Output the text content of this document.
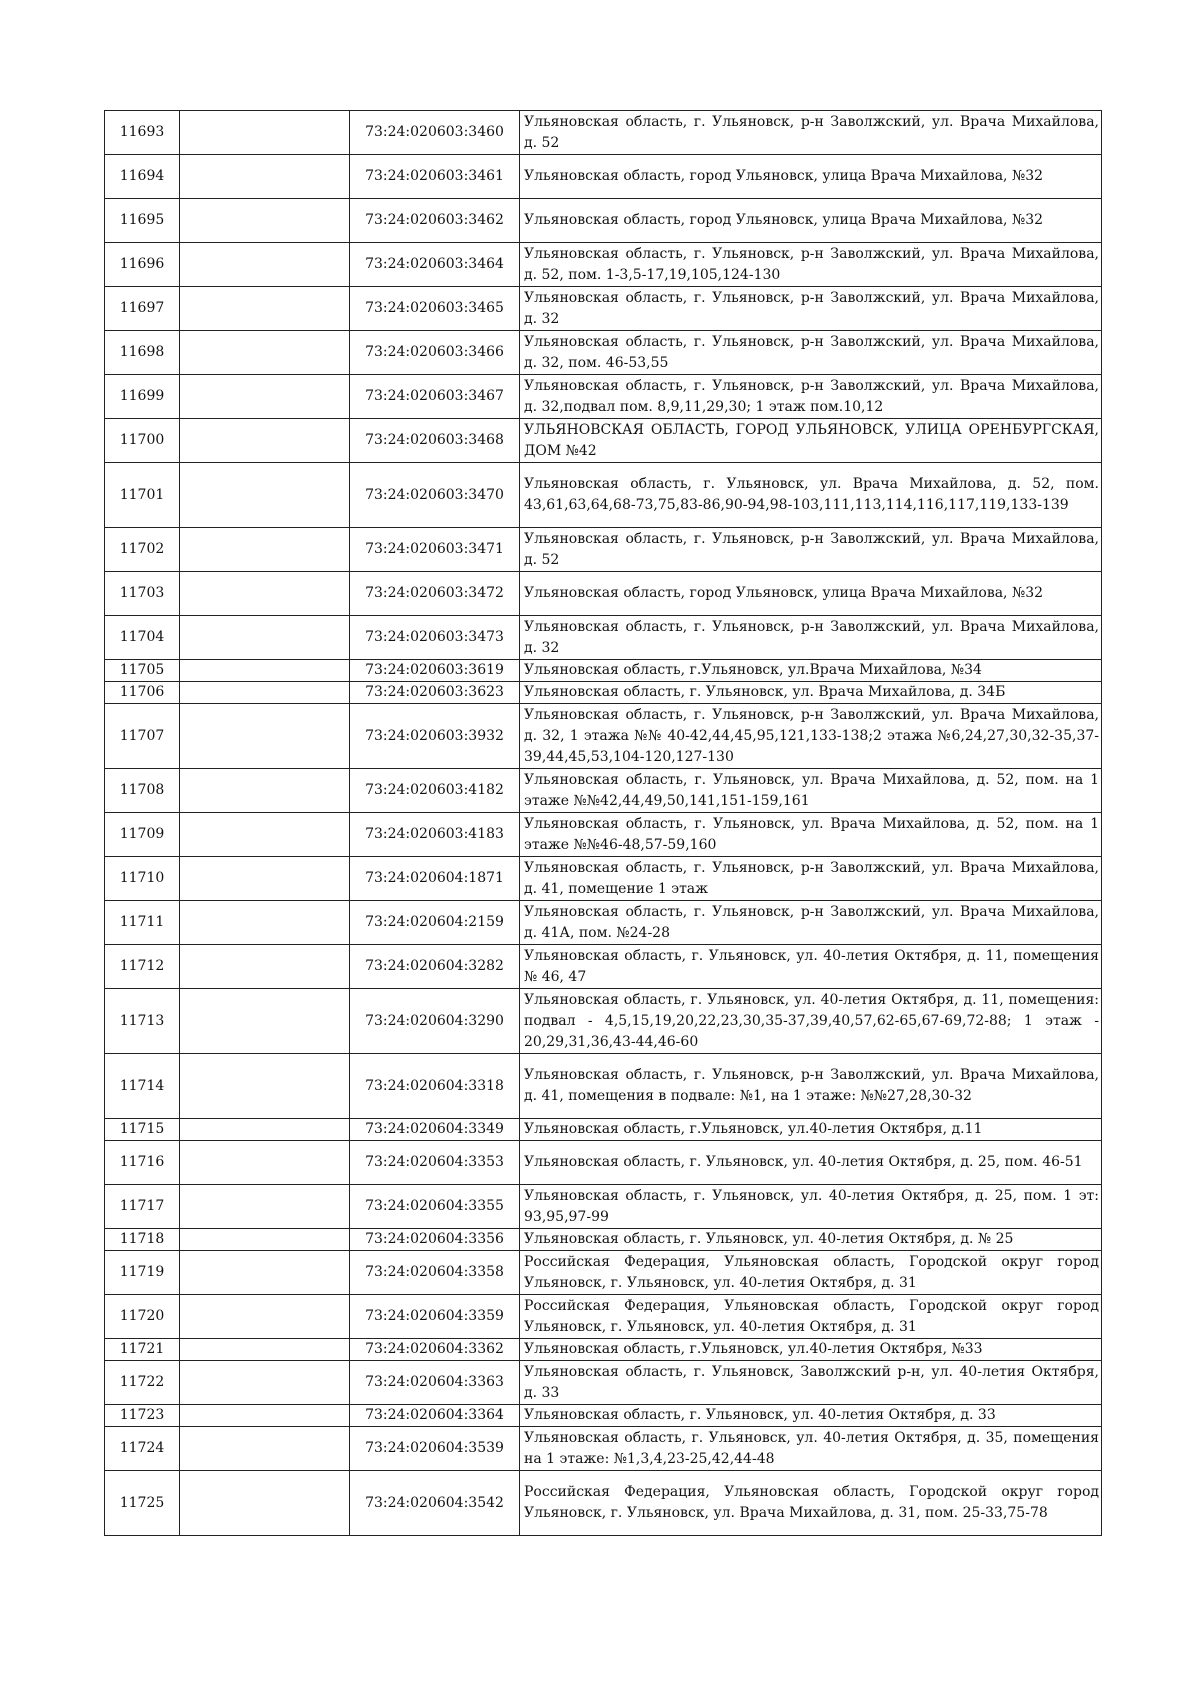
11693		73:24:020603:3460	Ульяновская область, г. Ульяновск, р-н Заволжский, ул. Врача Михайлова, д. 52
11694		73:24:020603:3461	Ульяновская область, город Ульяновск, улица Врача Михайлова, №32
11695		73:24:020603:3462	Ульяновская область, город Ульяновск, улица Врача Михайлова, №32
11696		73:24:020603:3464	Ульяновская область, г. Ульяновск, р-н Заволжский, ул. Врача Михайлова, д. 52, пом. 1-3,5-17,19,105,124-130
11697		73:24:020603:3465	Ульяновская область, г. Ульяновск, р-н Заволжский, ул. Врача Михайлова, д. 32
11698		73:24:020603:3466	Ульяновская область, г. Ульяновск, р-н Заволжский, ул. Врача Михайлова, д. 32, пом. 46-53,55
11699		73:24:020603:3467	Ульяновская область, г. Ульяновск, р-н Заволжский, ул. Врача Михайлова, д. 32,подвал пом. 8,9,11,29,30; 1 этаж пом.10,12
11700		73:24:020603:3468	УЛЬЯНОВСКАЯ ОБЛАСТЬ, ГОРОД УЛЬЯНОВСК, УЛИЦА ОРЕНБУРГСКАЯ, ДОМ №42
11701		73:24:020603:3470	Ульяновская область, г. Ульяновск, ул. Врача Михайлова, д. 52, пом. 43,61,63,64,68-73,75,83-86,90-94,98-103,111,113,114,116,117,119,133-139
11702		73:24:020603:3471	Ульяновская область, г. Ульяновск, р-н Заволжский, ул. Врача Михайлова, д. 52
11703		73:24:020603:3472	Ульяновская область, город Ульяновск, улица Врача Михайлова, №32
11704		73:24:020603:3473	Ульяновская область, г. Ульяновск, р-н Заволжский, ул. Врача Михайлова, д. 32
11705		73:24:020603:3619	Ульяновская область, г.Ульяновск, ул.Врача Михайлова, №34
11706		73:24:020603:3623	Ульяновская область, г. Ульяновск, ул. Врача Михайлова, д. 34Б
11707		73:24:020603:3932	Ульяновская область, г. Ульяновск, р-н Заволжский, ул. Врача Михайлова, д. 32, 1 этажа №№ 40-42,44,45,95,121,133-138;2 этажа №6,24,27,30,32-35,37-39,44,45,53,104-120,127-130
11708		73:24:020603:4182	Ульяновская область, г. Ульяновск, ул. Врача Михайлова, д. 52, пом. на 1 этаже №№42,44,49,50,141,151-159,161
11709		73:24:020603:4183	Ульяновская область, г. Ульяновск, ул. Врача Михайлова, д. 52, пом. на 1 этаже №№46-48,57-59,160
11710		73:24:020604:1871	Ульяновская область, г. Ульяновск, р-н Заволжский, ул. Врача Михайлова, д. 41, помещение 1 этаж
11711		73:24:020604:2159	Ульяновская область, г. Ульяновск, р-н Заволжский, ул. Врача Михайлова, д. 41А, пом. №24-28
11712		73:24:020604:3282	Ульяновская область, г. Ульяновск, ул. 40-летия Октября, д. 11, помещения № 46, 47
11713		73:24:020604:3290	Ульяновская область, г. Ульяновск, ул. 40-летия Октября, д. 11, помещения: подвал - 4,5,15,19,20,22,23,30,35-37,39,40,57,62-65,67-69,72-88; 1 этаж - 20,29,31,36,43-44,46-60
11714		73:24:020604:3318	Ульяновская область, г. Ульяновск, р-н Заволжский, ул. Врача Михайлова, д. 41, помещения в подвале: №1, на 1 этаже: №№27,28,30-32
11715		73:24:020604:3349	Ульяновская область, г.Ульяновск, ул.40-летия Октября, д.11
11716		73:24:020604:3353	Ульяновская область, г. Ульяновск, ул. 40-летия Октября, д. 25, пом. 46-51
11717		73:24:020604:3355	Ульяновская область, г. Ульяновск, ул. 40-летия Октября, д. 25, пом. 1 эт: 93,95,97-99
11718		73:24:020604:3356	Ульяновская область, г. Ульяновск, ул. 40-летия Октября, д. № 25
11719		73:24:020604:3358	Российская Федерация, Ульяновская область, Городской округ город Ульяновск, г. Ульяновск, ул. 40-летия Октября, д. 31
11720		73:24:020604:3359	Российская Федерация, Ульяновская область, Городской округ город Ульяновск, г. Ульяновск, ул. 40-летия Октября, д. 31
11721		73:24:020604:3362	Ульяновская область, г.Ульяновск, ул.40-летия Октября, №33
11722		73:24:020604:3363	Ульяновская область, г. Ульяновск, Заволжский р-н, ул. 40-летия Октября, д. 33
11723		73:24:020604:3364	Ульяновская область, г. Ульяновск, ул. 40-летия Октября, д. 33
11724		73:24:020604:3539	Ульяновская область, г. Ульяновск, ул. 40-летия Октября, д. 35, помещения на 1 этаже: №1,3,4,23-25,42,44-48
11725		73:24:020604:3542	Российская Федерация, Ульяновская область, Городской округ город Ульяновск, г. Ульяновск, ул. Врача Михайлова, д. 31, пом. 25-33,75-78
